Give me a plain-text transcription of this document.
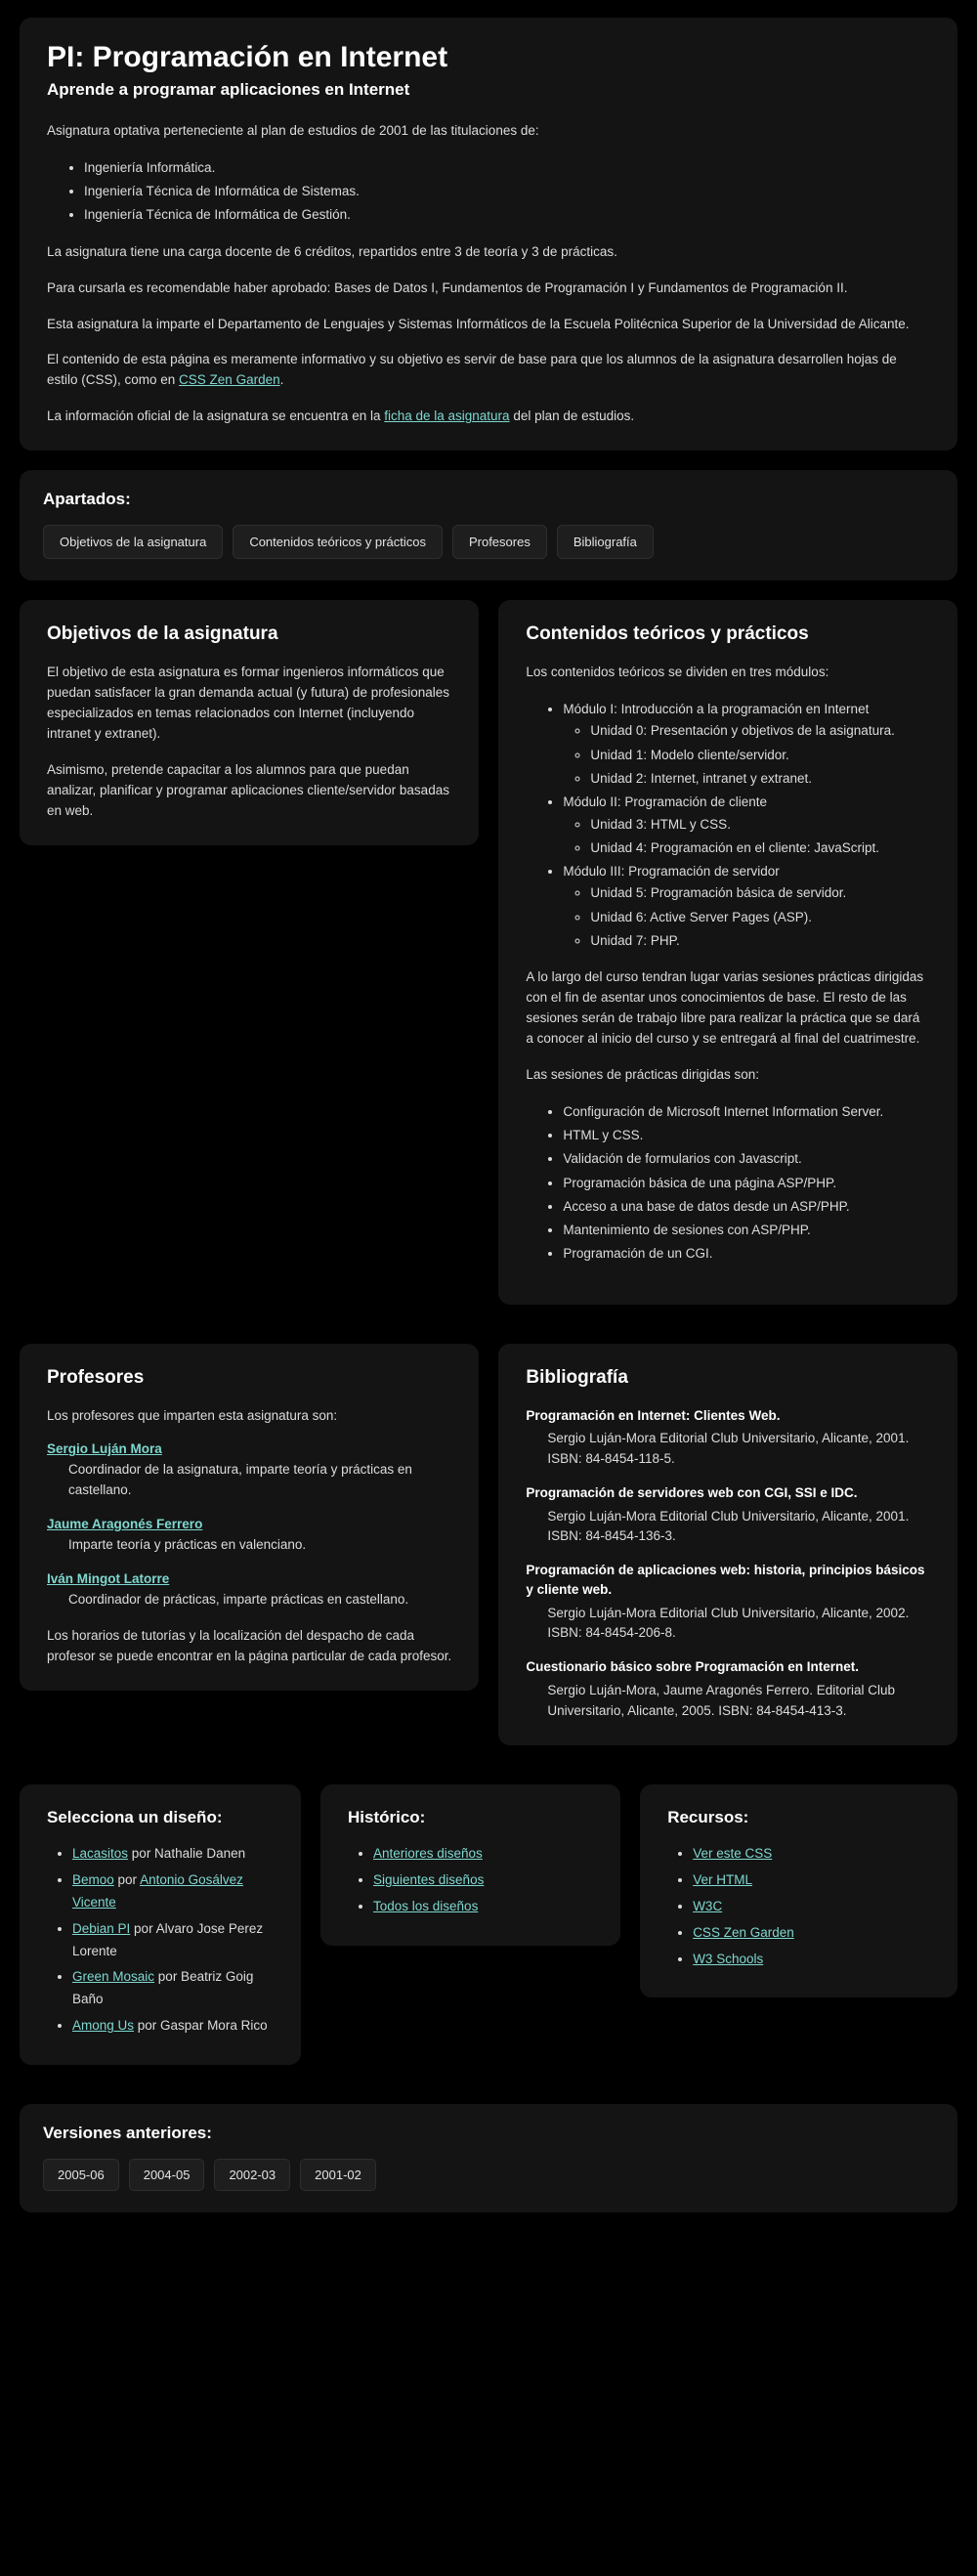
PI: Programación en Internet
Aprende a programar aplicaciones en Internet

Asignatura optativa perteneciente al plan de estudios de 2001 de las titulaciones de:

• Ingeniería Informática.
• Ingeniería Técnica de Informática de Sistemas.
• Ingeniería Técnica de Informática de Gestión.

La asignatura tiene una carga docente de 6 créditos, repartidos entre 3 de teoría y 3 de prácticas.

Para cursarla es recomendable haber aprobado: Bases de Datos I, Fundamentos de Programación I y Fundamentos de Programación II.

Esta asignatura la imparte el Departamento de Lenguajes y Sistemas Informáticos de la Escuela Politécnica Superior de la Universidad de Alicante.

El contenido de esta página es meramente informativo y su objetivo es servir de base para que los alumnos de la asignatura desarrollen hojas de estilo (CSS), como en CSS Zen Garden.

La información oficial de la asignatura se encuentra en la ficha de la asignatura del plan de estudios.

Apartados:
Objetivos de la asignatura	Contenidos teóricos y prácticos	Profesores	Bibliografía
Objetivos de la asignatura

El objetivo de esta asignatura es formar ingenieros informáticos que puedan satisfacer la gran demanda actual (y futura) de profesionales especializados en temas relacionados con Internet (incluyendo intranet y extranet).

Asimismo, pretende capacitar a los alumnos para que puedan analizar, planificar y programar aplicaciones cliente/servidor basadas en web.

Contenidos teóricos y prácticos

Los contenidos teóricos se dividen en tres módulos:

• Módulo I: Introducción a la programación en Internet
◦ Unidad 0: Presentación y objetivos de la asignatura.
◦ Unidad 1: Modelo cliente/servidor.
◦ Unidad 2: Internet, intranet y extranet.
• Módulo II: Programación de cliente
◦ Unidad 3: HTML y CSS.
◦ Unidad 4: Programación en el cliente: JavaScript.
• Módulo III: Programación de servidor
◦ Unidad 5: Programación básica de servidor.
◦ Unidad 6: Active Server Pages (ASP).
◦ Unidad 7: PHP.

A lo largo del curso tendran lugar varias sesiones prácticas dirigidas con el fin de asentar unos conocimientos de base. El resto de las sesiones serán de trabajo libre para realizar la práctica que se dará a conocer al inicio del curso y se entregará al final del cuatrimestre.

Las sesiones de prácticas dirigidas son:

• Configuración de Microsoft Internet Information Server.
• HTML y CSS.
• Validación de formularios con Javascript.
• Programación básica de una página ASP/PHP.
• Acceso a una base de datos desde un ASP/PHP.
• Mantenimiento de sesiones con ASP/PHP.
• Programación de un CGI.
Profesores

Los profesores que imparten esta asignatura son:

Sergio Luján Mora
Coordinador de la asignatura, imparte teoría y prácticas en castellano.
Jaume Aragonés Ferrero
Imparte teoría y prácticas en valenciano.
Iván Mingot Latorre
Coordinador de prácticas, imparte prácticas en castellano.

Los horarios de tutorías y la localización del despacho de cada profesor se puede encontrar en la página particular de cada profesor.

Bibliografía
Programación en Internet: Clientes Web.
Sergio Luján-Mora Editorial Club Universitario, Alicante, 2001. ISBN: 84-8454-118-5.
Programación de servidores web con CGI, SSI e IDC.
Sergio Luján-Mora Editorial Club Universitario, Alicante, 2001. ISBN: 84-8454-136-3.
Programación de aplicaciones web: historia, principios básicos y cliente web.
Sergio Luján-Mora Editorial Club Universitario, Alicante, 2002. ISBN: 84-8454-206-8.
Cuestionario básico sobre Programación en Internet.
Sergio Luján-Mora, Jaume Aragonés Ferrero. Editorial Club Universitario, Alicante, 2005. ISBN: 84-8454-413-3.
Selecciona un diseño:
• Lacasitos por Nathalie Danen
• Bemoo por Antonio Gosálvez Vicente
• Debian PI por Alvaro Jose Perez Lorente
• Green Mosaic por Beatriz Goig Baño
• Among Us por Gaspar Mora Rico
Histórico:
• Anteriores diseños
• Siguientes diseños
• Todos los diseños
Recursos:
• Ver este CSS
• Ver HTML
• W3C
• CSS Zen Garden
• W3 Schools
Versiones anteriores:
2005-06	2004-05	2002-03	2001-02
